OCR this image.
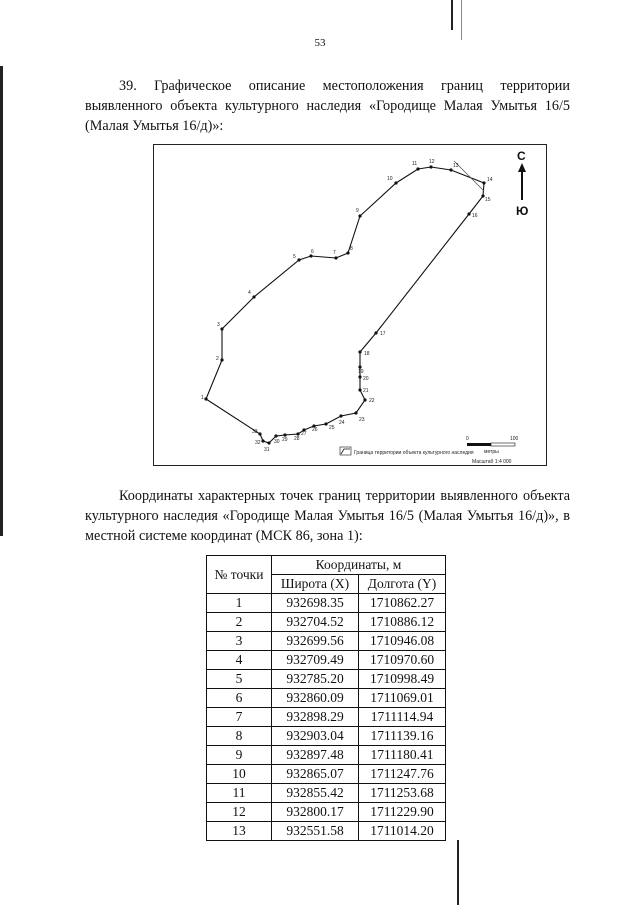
53

39. Графическое описание местоположения границ территории выявленного объекта культурного наследия «Городище Малая Умытья 16/5 (Малая Умытья 16/д)»:

1
2
3
4
5
6	7
8
9
10
11 12
13
14
15
16
17
18
19
20
21
22
23
24
25
26
27
28
29
30
31
32
33
С
Ю
0	100
метры
Масштаб 1:4 000
Граница территории объекта культурного наследия

Координаты характерных точек границ территории выявленного объекта культурного наследия «Городище Малая Умытья 16/5 (Малая Умытья 16/д)», в местной системе координат (МСК 86, зона 1):

№ точки	Координаты, м	
	Широта (X)	Долгота (Y)
1	932698.35	1710862.27
2	932704.52	1710886.12
3	932699.56	1710946.08
4	932709.49	1710970.60
5	932785.20	1710998.49
6	932860.09	1711069.01
7	932898.29	1711114.94
8	932903.04	1711139.16
9	932897.48	1711180.41
10	932865.07	1711247.76
11	932855.42	1711253.68
12	932800.17	1711229.90
13	932551.58	1711014.20
